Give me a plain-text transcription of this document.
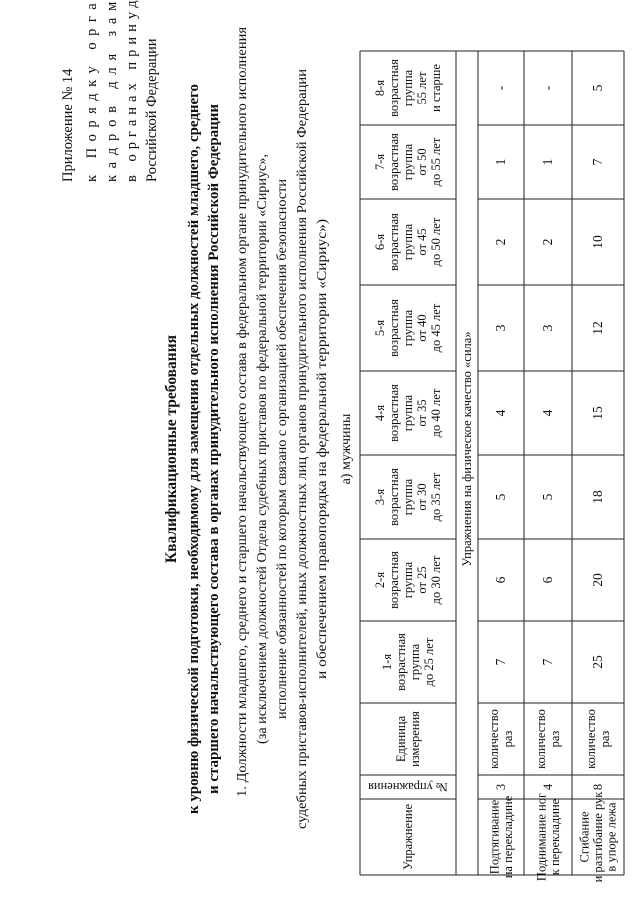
Приложение № 14 к Порядку орга
кадров для зам
в органах принуд
Российской Федерации
Квалификационные требования к уровню физической подготовки, необходимому для замещения отдельных должностей младшего, среднего и старшего начальствующего состава в органах принудительного исполнения Российской Федерации 1. Должности младшего, среднего и старшего начальствующего состава в федеральном органе принудительного исполнения (за исключением должностей Отдела судебных приставов по федеральной территории «Сириус», исполнение обязанностей по которым связано с организацией обеспечения безопасности судебных приставов-исполнителей, иных должностных лиц органов принудительного исполнения Российской Федерации и обеспечением правопорядка на федеральной территории «Сириус») а) мужчины
Упражнение
№ упражнения
Единицаизмерения
1-явозрастнаягруппадо 25 лет
2-явозрастнаягруппаот 25до 30 лет
3-явозрастнаягруппаот 30до 35 лет
4-явозрастнаягруппаот 35до 40 лет
5-явозрастнаягруппаот 40до 45 лет
6-явозрастнаягруппаот 45до 50 лет
7-явозрастнаягруппаот 50до 55 лет
8-явозрастнаягруппа55 лети старше
Упражнения на физическое качество «сила»
Подтягиваниена перекладине
3
количествораз
7
6
5
4
3
2
1
-
Поднимание ногк перекладине
4
количествораз
7
6
5
4
3
2
1
-
Сгибаниеи разгибание рукв упоре лежа
8
количествораз
25
20
18
15
12
10
7
5
